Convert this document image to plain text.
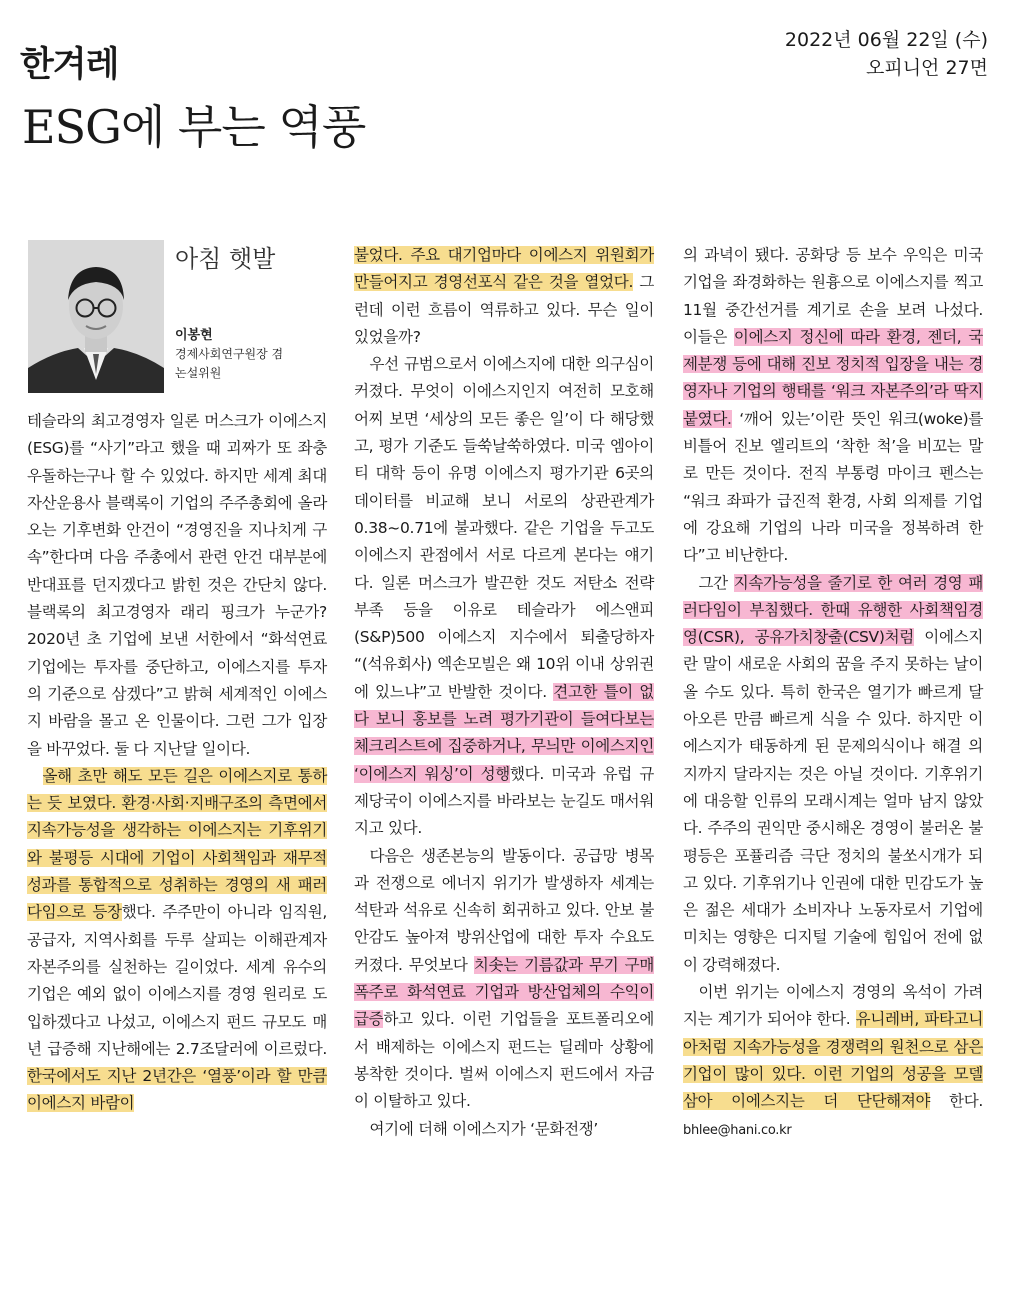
한겨레
2022년 06월 22일 (수)
오피니언 27면
ESG에 부는 역풍
아침 햇발
이봉현
경제사회연구원장 겸
논설위원

테슬라의 최고경영자 일론 머스크가 이에스지(ESG)를 “사기”라고 했을 때 괴짜가 또 좌충우돌하는구나 할 수 있었다. 하지만 세계 최대 자산운용사 블랙록이 기업의 주주총회에 올라오는 기후변화 안건이 “경영진을 지나치게 구속”한다며 다음 주총에서 관련 안건 대부분에 반대표를 던지겠다고 밝힌 것은 간단치 않다. 블랙록의 최고경영자 래리 핑크가 누군가? 2020년 초 기업에 보낸 서한에서 “화석연료 기업에는 투자를 중단하고, 이에스지를 투자의 기준으로 삼겠다”고 밝혀 세계적인 이에스지 바람을 몰고 온 인물이다. 그런 그가 입장을 바꾸었다. 둘 다 지난달 일이다.

올해 초만 해도 모든 길은 이에스지로 통하는 듯 보였다. 환경·사회·지배구조의 측면에서 지속가능성을 생각하는 이에스지는 기후위기와 불평등 시대에 기업이 사회책임과 재무적 성과를 통합적으로 성취하는 경영의 새 패러다임으로 등장했다. 주주만이 아니라 임직원, 공급자, 지역사회를 두루 살피는 이해관계자 자본주의를 실천하는 길이었다. 세계 유수의 기업은 예외 없이 이에스지를 경영 원리로 도입하겠다고 나섰고, 이에스지 펀드 규모도 매년 급증해 지난해에는 2.7조달러에 이르렀다. 한국에서도 지난 2년간은 ‘열풍’이라 할 만큼 이에스지 바람이

불었다. 주요 대기업마다 이에스지 위원회가 만들어지고 경영선포식 같은 것을 열었다. 그런데 이런 흐름이 역류하고 있다. 무슨 일이 있었을까?

우선 규범으로서 이에스지에 대한 의구심이 커졌다. 무엇이 이에스지인지 여전히 모호해 어찌 보면 ‘세상의 모든 좋은 일’이 다 해당했고, 평가 기준도 들쑥날쑥하였다. 미국 엠아이티 대학 등이 유명 이에스지 평가기관 6곳의 데이터를 비교해 보니 서로의 상관관계가 0.38~0.71에 불과했다. 같은 기업을 두고도 이에스지 관점에서 서로 다르게 본다는 얘기다. 일론 머스크가 발끈한 것도 저탄소 전략 부족 등을 이유로 테슬라가 에스앤피(S&P)500 이에스지 지수에서 퇴출당하자 “(석유회사) 엑손모빌은 왜 10위 이내 상위권에 있느냐”고 반발한 것이다. 견고한 틀이 없다 보니 홍보를 노려 평가기관이 들여다보는 체크리스트에 집중하거나, 무늬만 이에스지인 ‘이에스지 워싱’이 성행했다. 미국과 유럽 규제당국이 이에스지를 바라보는 눈길도 매서워지고 있다.

다음은 생존본능의 발동이다. 공급망 병목과 전쟁으로 에너지 위기가 발생하자 세계는 석탄과 석유로 신속히 회귀하고 있다. 안보 불안감도 높아져 방위산업에 대한 투자 수요도 커졌다. 무엇보다 치솟는 기름값과 무기 구매 폭주로 화석연료 기업과 방산업체의 수익이 급증하고 있다. 이런 기업들을 포트폴리오에서 배제하는 이에스지 펀드는 딜레마 상황에 봉착한 것이다. 벌써 이에스지 펀드에서 자금이 이탈하고 있다.

여기에 더해 이에스지가 ‘문화전쟁’

의 과녁이 됐다. 공화당 등 보수 우익은 미국 기업을 좌경화하는 원흉으로 이에스지를 찍고 11월 중간선거를 계기로 손을 보려 나섰다. 이들은 이에스지 정신에 따라 환경, 젠더, 국제분쟁 등에 대해 진보 정치적 입장을 내는 경영자나 기업의 행태를 ‘워크 자본주의’라 딱지 붙였다. ‘깨어 있는’이란 뜻인 워크(woke)를 비틀어 진보 엘리트의 ‘착한 척’을 비꼬는 말로 만든 것이다. 전직 부통령 마이크 펜스는 “워크 좌파가 급진적 환경, 사회 의제를 기업에 강요해 기업의 나라 미국을 정복하려 한다”고 비난한다.

그간 지속가능성을 줄기로 한 여러 경영 패러다임이 부침했다. 한때 유행한 사회책임경영(CSR), 공유가치창출(CSV)처럼 이에스지란 말이 새로운 사회의 꿈을 주지 못하는 날이 올 수도 있다. 특히 한국은 열기가 빠르게 달아오른 만큼 빠르게 식을 수 있다. 하지만 이에스지가 태동하게 된 문제의식이나 해결 의지까지 달라지는 것은 아닐 것이다. 기후위기에 대응할 인류의 모래시계는 얼마 남지 않았다. 주주의 권익만 중시해온 경영이 불러온 불평등은 포퓰리즘 극단 정치의 불쏘시개가 되고 있다. 기후위기나 인권에 대한 민감도가 높은 젊은 세대가 소비자나 노동자로서 기업에 미치는 영향은 디지털 기술에 힘입어 전에 없이 강력해졌다.

이번 위기는 이에스지 경영의 옥석이 가려지는 계기가 되어야 한다. 유니레버, 파타고니아처럼 지속가능성을 경쟁력의 원천으로 삼은 기업이 많이 있다. 이런 기업의 성공을 모델 삼아 이에스지는 더 단단해져야 한다. bhlee@hani.co.kr
